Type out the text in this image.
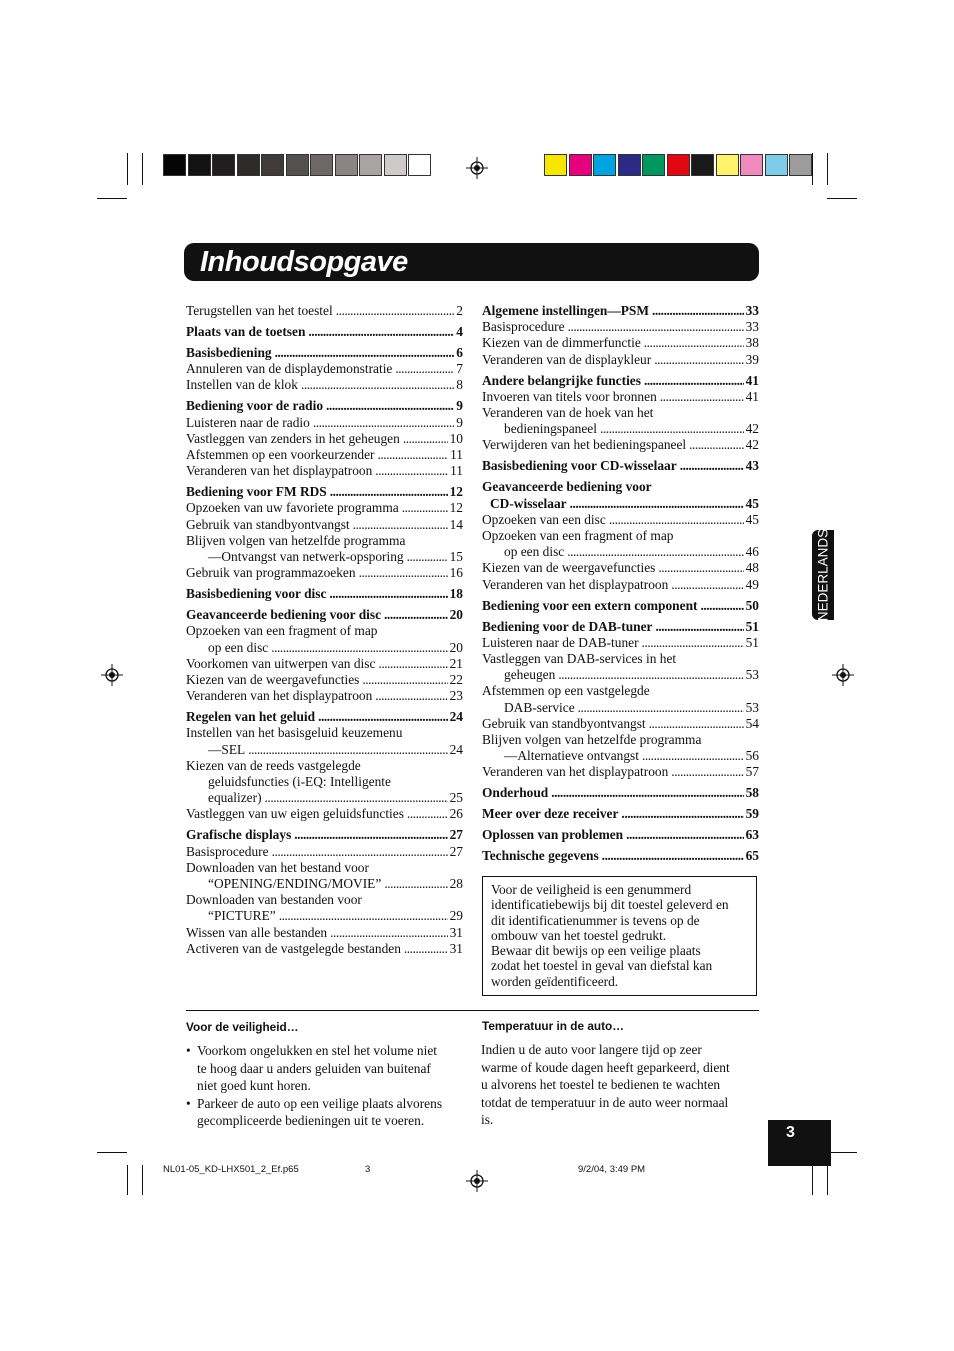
Inhoudsopgave
Terugstellen van het toestel . . .	2
Plaats van de toetsen . . .	4
Basisbediening . . .	6
Annuleren van de displaydemonstratie . . .	7
Instellen van de klok . . .	8
Bediening voor de radio . . .	9
Luisteren naar de radio . . .	9
Vastleggen van zenders in het geheugen . . .	10
Afstemmen op een voorkeurzender . . .	11
Veranderen van het displaypatroon . . .	11
Bediening voor FM RDS . . .	12
Opzoeken van uw favoriete programma . . .	12
Gebruik van standbyontvangst . . .	14
Blijven volgen van hetzelfde programma
—Ontvangst van netwerk-opsporing . . .	15
Gebruik van programmazoeken . . .	16
Basisbediening voor disc . . .	18
Geavanceerde bediening voor disc . . .	20
Opzoeken van een fragment of map
op een disc . . .	20
Voorkomen van uitwerpen van disc . . .	21
Kiezen van de weergavefuncties . . .	22
Veranderen van het displaypatroon . . .	23
Regelen van het geluid . . .	24
Instellen van het basisgeluid keuzemenu
—SEL . . .	24
Kiezen van de reeds vastgelegde
geluidsfuncties (i-EQ: Intelligente
equalizer) . . .	25
Vastleggen van uw eigen geluidsfuncties . . .	26
Grafische displays . . .	27
Basisprocedure . . .	27
Downloaden van het bestand voor
“OPENING/ENDING/MOVIE” . . .	28
Downloaden van bestanden voor
“PICTURE” . . .	29
Wissen van alle bestanden . . .	31
Activeren van de vastgelegde bestanden . . .	31
Algemene instellingen—PSM . . .	33
Basisprocedure . . .	33
Kiezen van de dimmerfunctie . . .	38
Veranderen van de displaykleur . . .	39
Andere belangrijke functies . . .	41
Invoeren van titels voor bronnen . . .	41
Veranderen van de hoek van het
bedieningspaneel . . .	42
Verwijderen van het bedieningspaneel . . .	42
Basisbediening voor CD-wisselaar . . .	43
Geavanceerde bediening voor
CD-wisselaar . . .	45
Opzoeken van een disc . . .	45
Opzoeken van een fragment of map
op een disc . . .	46
Kiezen van de weergavefuncties . . .	48
Veranderen van het displaypatroon . . .	49
Bediening voor een extern component . . .	50
Bediening voor de DAB-tuner . . .	51
Luisteren naar de DAB-tuner . . .	51
Vastleggen van DAB-services in het
geheugen . . .	53
Afstemmen op een vastgelegde
DAB-service . . .	53
Gebruik van standbyontvangst . . .	54
Blijven volgen van hetzelfde programma
—Alternatieve ontvangst . . .	56
Veranderen van het displaypatroon . . .	57
Onderhoud . . .	58
Meer over deze receiver . . .	59
Oplossen van problemen . . .	63
Technische gegevens . . .	65
Voor de veiligheid is een genummerd
identificatiebewijs bij dit toestel geleverd en
dit identificatienummer is tevens op de
ombouw van het toestel gedrukt.
Bewaar dit bewijs op een veilige plaats
zodat het toestel in geval van diefstal kan
worden geïdentificeerd.
NEDERLANDS
Voor de veiligheid…
• Voorkom ongelukken en stel het volume niet
te hoog daar u anders geluiden van buitenaf
niet goed kunt horen.
• Parkeer de auto op een veilige plaats alvorens
gecompliceerde bedieningen uit te voeren.
Temperatuur in de auto…
Indien u de auto voor langere tijd op zeer
warme of koude dagen heeft geparkeerd, dient
u alvorens het toestel te bedienen te wachten
totdat de temperatuur in de auto weer normaal
is.
3
NL01-05_KD-LHX501_2_Ef.p65	3	9/2/04, 3:49 PM
